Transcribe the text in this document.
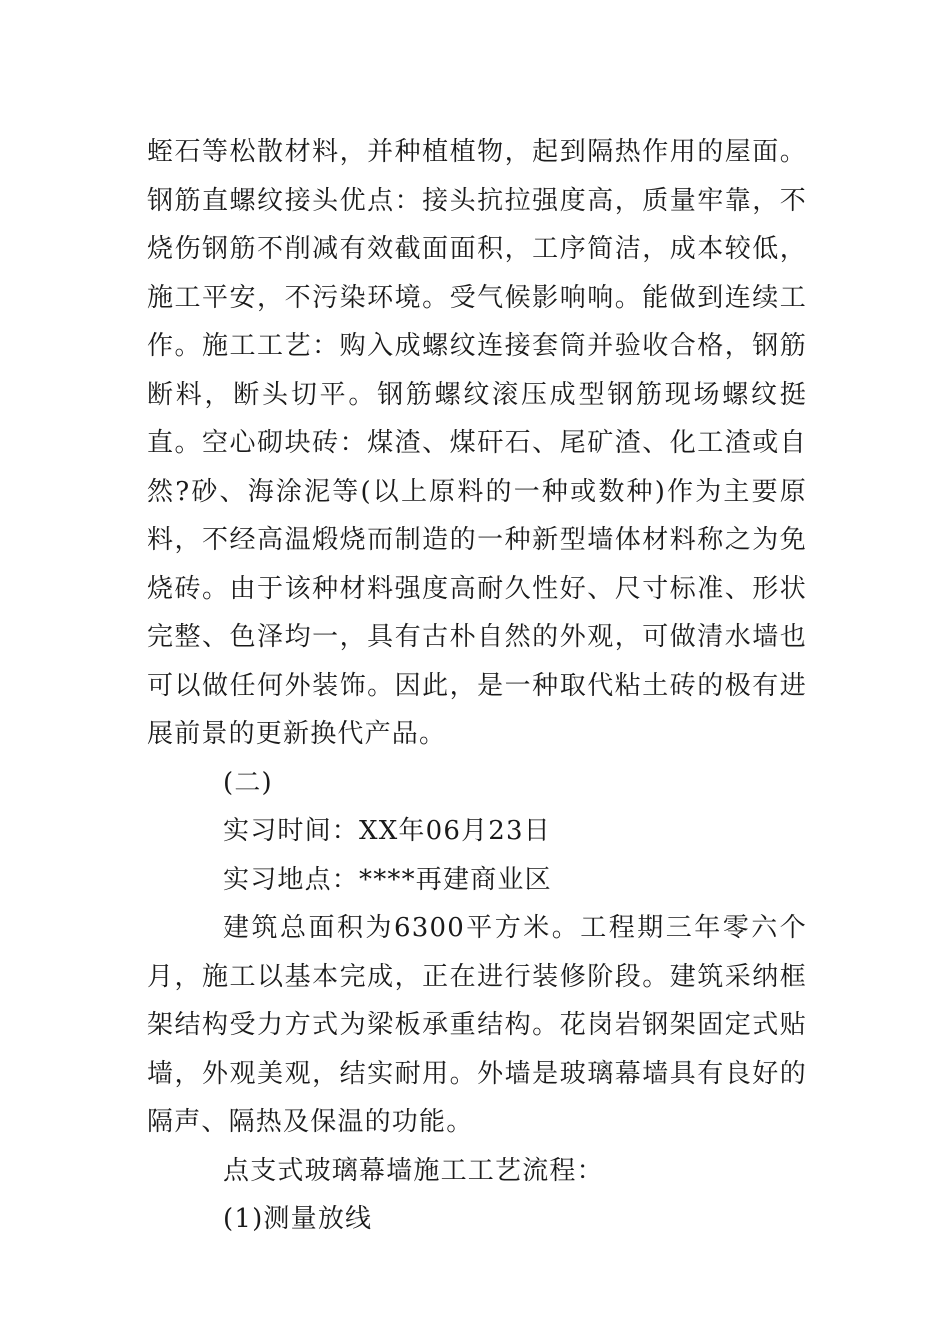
蛭石等松散材料，并种植植物，起到隔热作用的屋面。钢筋直螺纹接头优点：接头抗拉强度高，质量牢靠，不烧伤钢筋不削减有效截面面积，工序简洁，成本较低，施工平安，不污染环境。受气候影响响。能做到连续工作。施工工艺：购入成螺纹连接套筒并验收合格，钢筋断料，断头切平。钢筋螺纹滚压成型钢筋现场螺纹挺直。空心砌块砖：煤渣、煤矸石、尾矿渣、化工渣或自然?砂、海涂泥等(以上原料的一种或数种)作为主要原料，不经高温煅烧而制造的一种新型墙体材料称之为免烧砖。由于该种材料强度高耐久性好、尺寸标准、形状完整、色泽均一，具有古朴自然的外观，可做清水墙也可以做任何外装饰。因此，是一种取代粘土砖的极有进展前景的更新换代产品。

(二)

实习时间：XX年06月23日

实习地点：****再建商业区

建筑总面积为6300平方米。工程期三年零六个月，施工以基本完成，正在进行装修阶段。建筑采纳框架结构受力方式为梁板承重结构。花岗岩钢架固定式贴墙，外观美观，结实耐用。外墙是玻璃幕墙具有良好的隔声、隔热及保温的功能。

点支式玻璃幕墙施工工艺流程：

(1)测量放线
